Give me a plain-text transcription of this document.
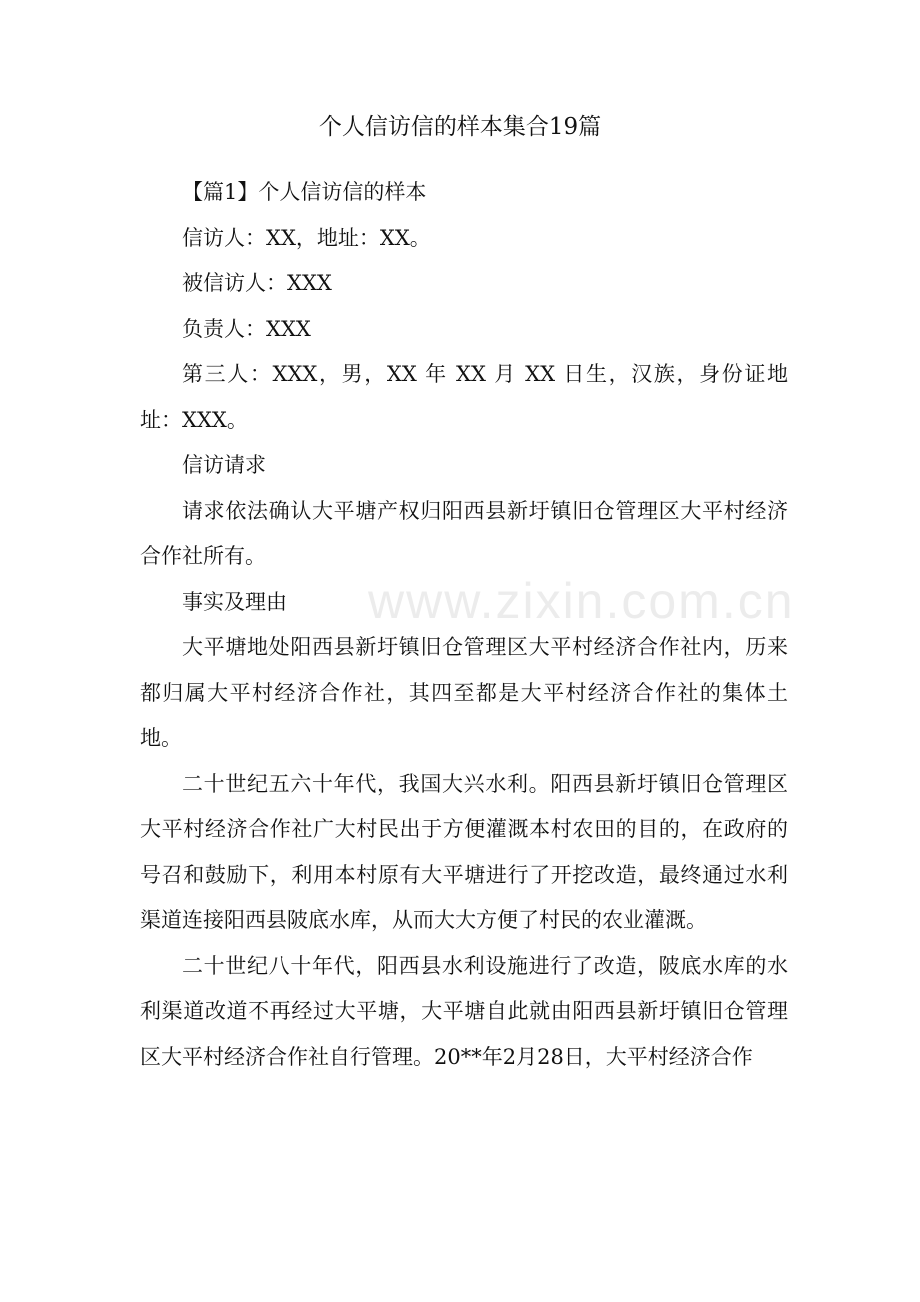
www.zixin.com.cn
个人信访信的样本集合19篇

【篇1】个人信访信的样本

信访人：XX，地址：XX。

被信访人：XXX

负责人：XXX

第三人：XXX，男，XX 年 XX 月 XX 日生，汉族，身份证地址：XXX。

信访请求

请求依法确认大平塘产权归阳西县新圩镇旧仓管理区大平村经济合作社所有。

事实及理由

大平塘地处阳西县新圩镇旧仓管理区大平村经济合作社内，历来都归属大平村经济合作社，其四至都是大平村经济合作社的集体土地。

二十世纪五六十年代，我国大兴水利。阳西县新圩镇旧仓管理区大平村经济合作社广大村民出于方便灌溉本村农田的目的，在政府的号召和鼓励下，利用本村原有大平塘进行了开挖改造，最终通过水利渠道连接阳西县陂底水库，从而大大方便了村民的农业灌溉。

二十世纪八十年代，阳西县水利设施进行了改造，陂底水库的水利渠道改道不再经过大平塘，大平塘自此就由阳西县新圩镇旧仓管理区大平村经济合作社自行管理。20**年2月28日，大平村经济合作
